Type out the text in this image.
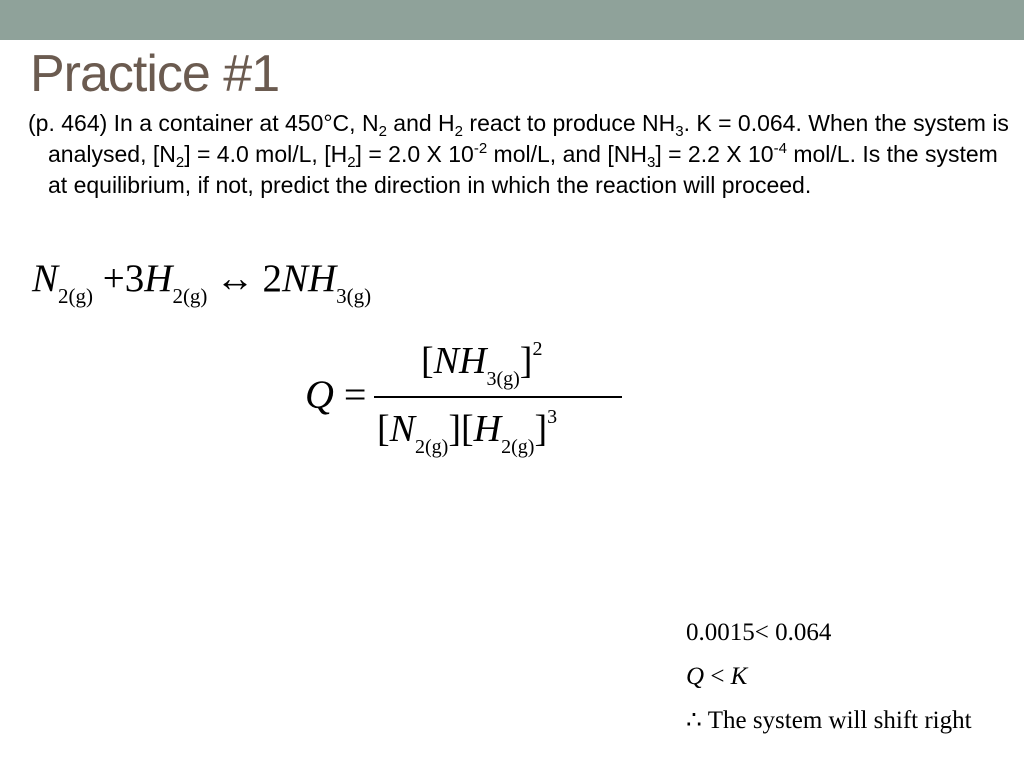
Practice #1

(p. 464) In a container at 450°C, $N_2$ and $H_2$ react to produce $NH_3$. K = 0.064. When the system is analysed, $[N_2] = 4.0$ mol/L, $[H_2] = 2.0$ X $10^{-2}$ mol/L, and $[NH_3] = 2.2$ X $10^{-4}$ mol/L. Is the system at equilibrium, if not, predict the direction in which the reaction will proceed.

$N_{2(g)} +3H_{2(g)}$ ↔ $2NH_{3(g)}$
Q =
$[NH_{3(g)}]^2$
$[N_{2(g)}][H_{2(g)}]^3$
0.0015< 0.064
Q < K
∴ The system will shift right
